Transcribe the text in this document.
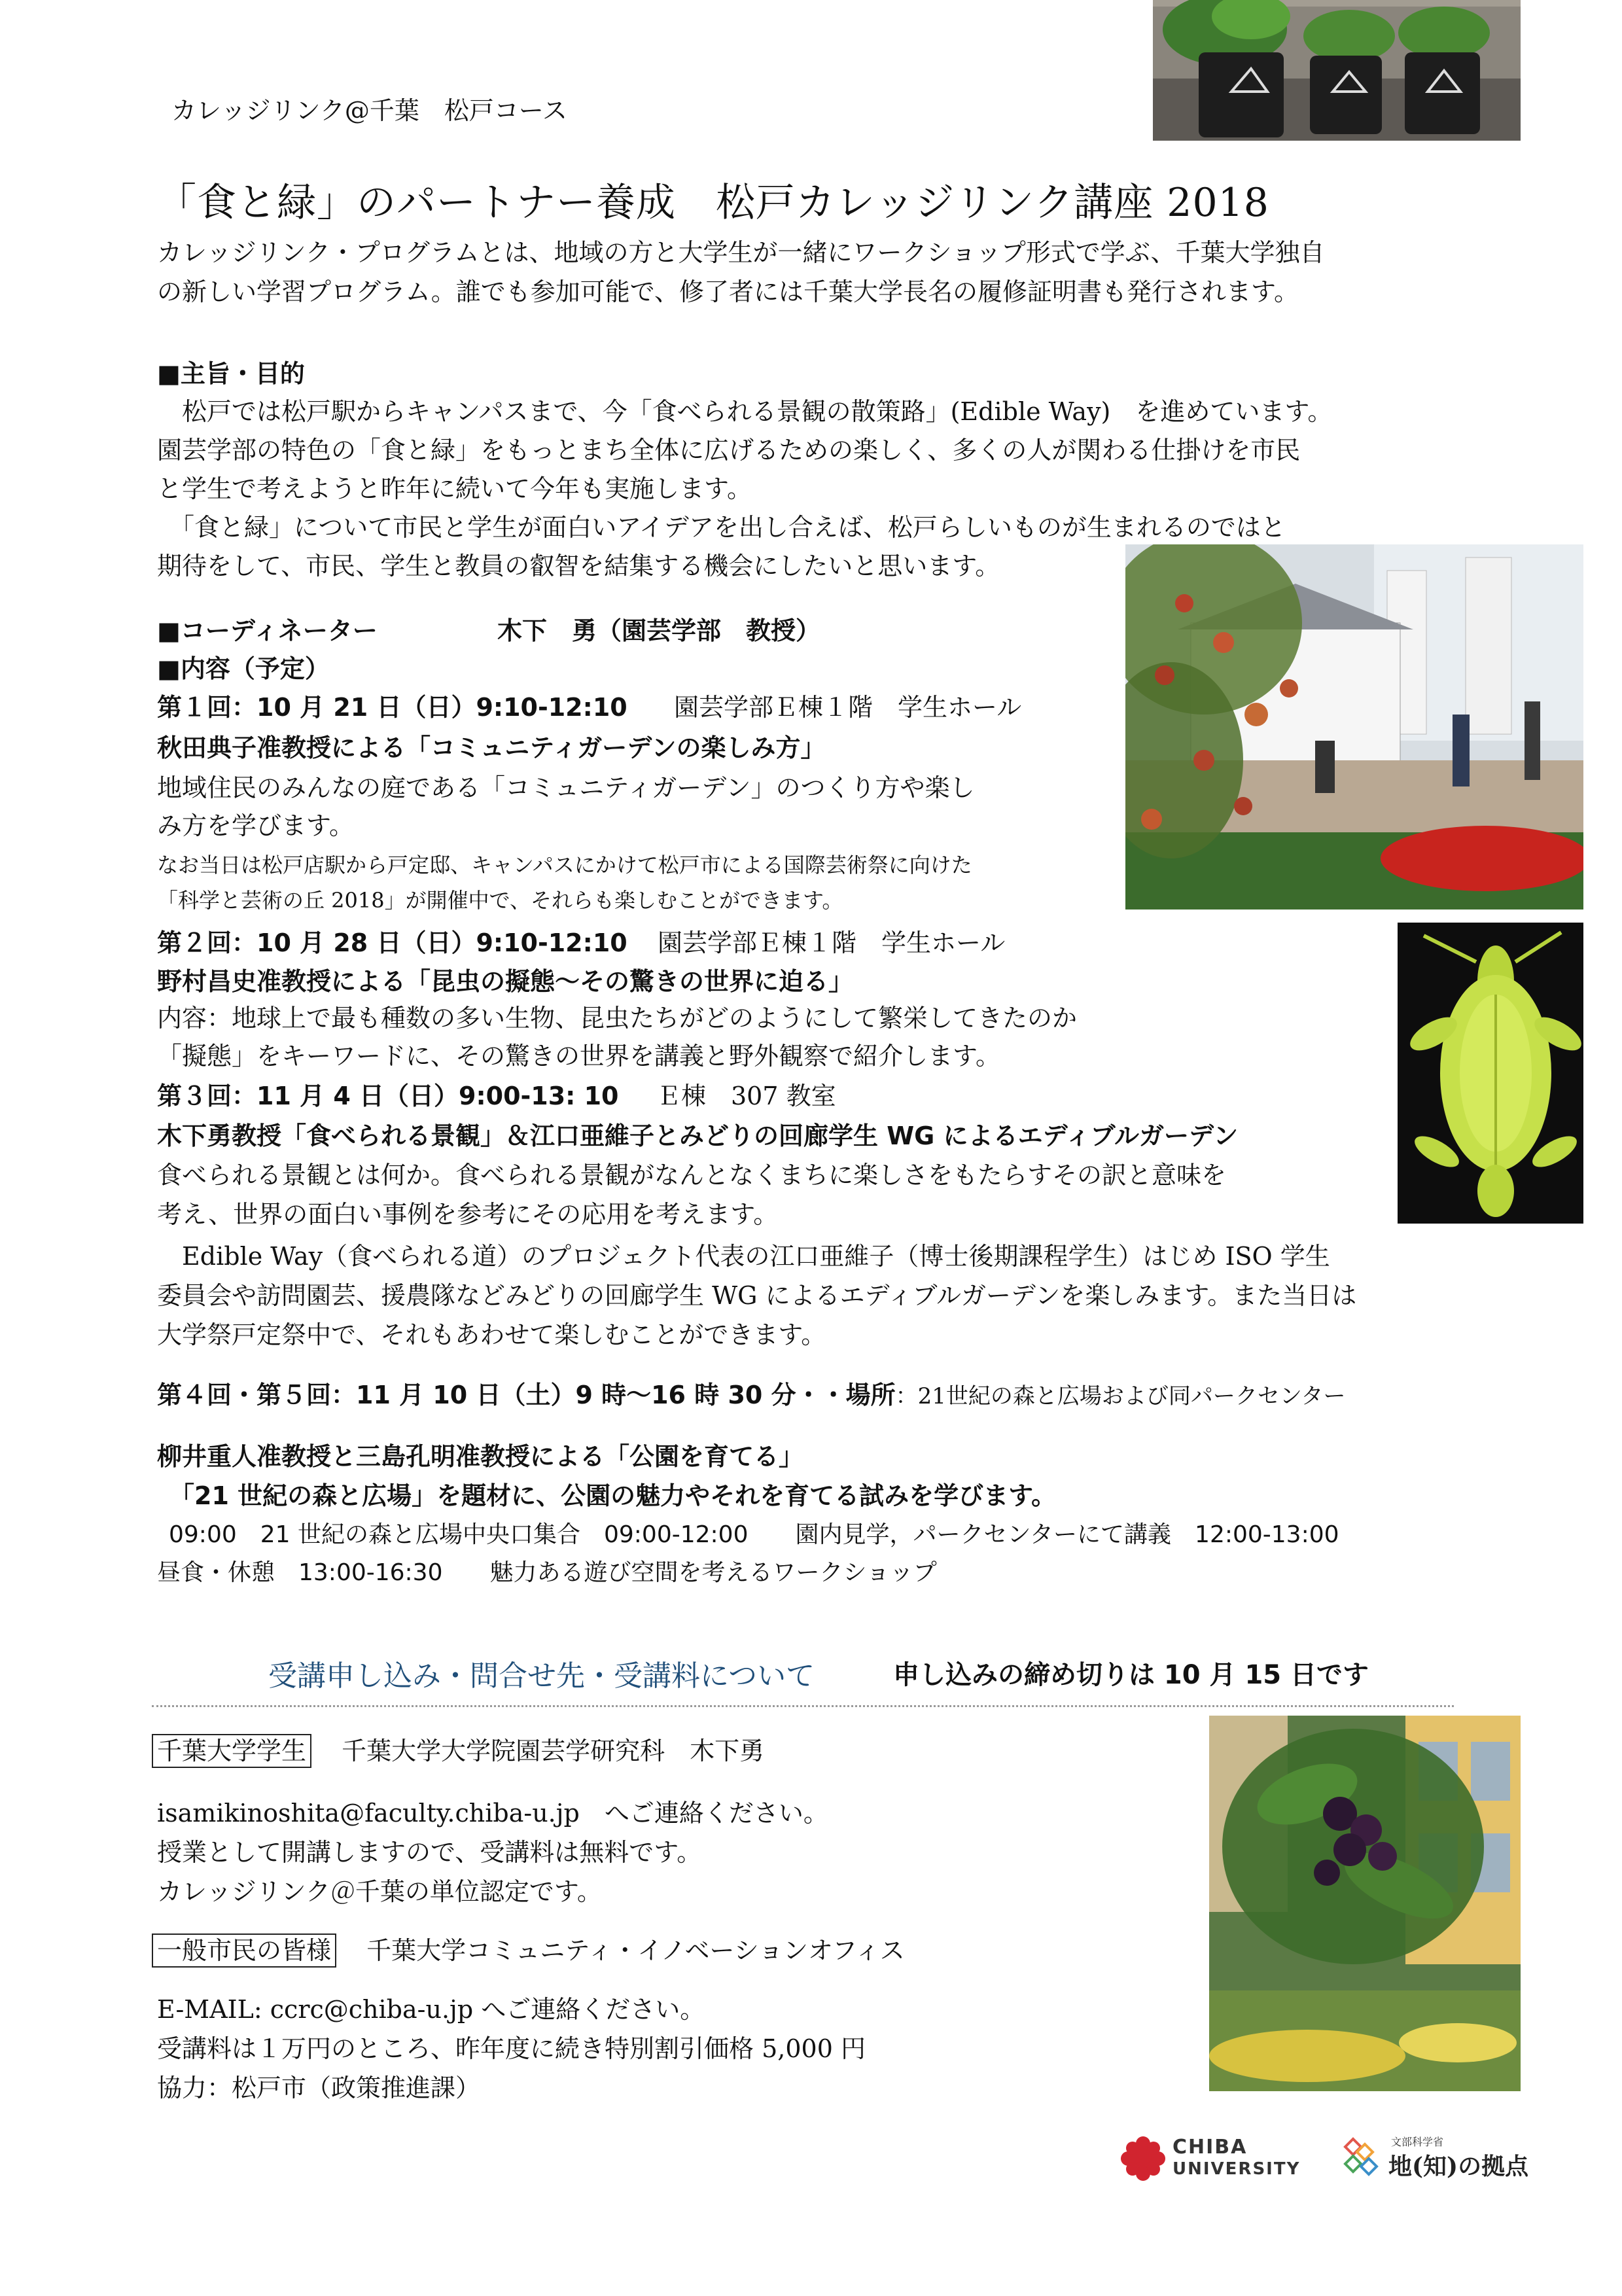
カレッジリンク@千葉　松戸コース
「食と緑」のパートナー養成　松戸カレッジリンク講座 2018
カレッジリンク・プログラムとは、地域の方と大学生が一緒にワークショップ形式で学ぶ、千葉大学独自
の新しい学習プログラム。誰でも参加可能で、修了者には千葉大学長名の履修証明書も発行されます。
■主旨・目的
　松戸では松戸駅からキャンパスまで、今「食べられる景観の散策路」(Edible Way)　を進めています。
園芸学部の特色の「食と緑」をもっとまち全体に広げるための楽しく、多くの人が関わる仕掛けを市民
と学生で考えようと昨年に続いて今年も実施します。
　「食と緑」について市民と学生が面白いアイデアを出し合えば、松戸らしいものが生まれるのではと
期待をして、市民、学生と教員の叡智を結集する機会にしたいと思います。
■コーディネーター	木下　勇（園芸学部　教授）
■内容（予定）
第１回：10 月 21 日（日）9:10-12:10 園芸学部Ｅ棟１階　学生ホール
秋田典子准教授による「コミュニティガーデンの楽しみ方」
地域住民のみんなの庭である「コミュニティガーデン」のつくり方や楽し
み方を学びます。
なお当日は松戸店駅から戸定邸、キャンパスにかけて松戸市による国際芸術祭に向けた
「科学と芸術の丘 2018」が開催中で、それらも楽しむことができます。
第２回：10 月 28 日（日）9:10-12:10 園芸学部Ｅ棟１階　学生ホール
野村昌史准教授による「昆虫の擬態～その驚きの世界に迫る」
内容：地球上で最も種数の多い生物、昆虫たちがどのようにして繁栄してきたのか
「擬態」をキーワードに、その驚きの世界を講義と野外観察で紹介します。
第３回：11 月 4 日（日）9:00-13: 10 Ｅ棟　307 教室
木下勇教授「食べられる景観」＆江口亜維子とみどりの回廊学生 WG によるエディブルガーデン
食べられる景観とは何か。食べられる景観がなんとなくまちに楽しさをもたらすその訳と意味を
考え、世界の面白い事例を参考にその応用を考えます。
　Edible Way（食べられる道）のプロジェクト代表の江口亜維子（博士後期課程学生）はじめ ISO 学生
委員会や訪問園芸、援農隊などみどりの回廊学生 WG によるエディブルガーデンを楽しみます。また当日は
大学祭戸定祭中で、それもあわせて楽しむことができます。
第４回・第５回：11 月 10 日（土）9 時～16 時 30 分・・場所：21世紀の森と広場および同パークセンター
柳井重人准教授と三島孔明准教授による「公園を育てる」
　「21 世紀の森と広場」を題材に、公園の魅力やそれを育てる試みを学びます。
09:00　21 世紀の森と広場中央口集合　09:00-12:00　　園内見学，パークセンターにて講義　12:00-13:00
昼食・休憩　13:00-16:30　　魅力ある遊び空間を考えるワークショップ
受講申し込み・問合せ先・受講料について	申し込みの締め切りは 10 月 15 日です
千葉大学学生 千葉大学大学院園芸学研究科　木下勇
isamikinoshita@faculty.chiba-u.jp　へご連絡ください。
授業として開講しますので、受講料は無料です。
カレッジリンク＠千葉の単位認定です。
一般市民の皆様 千葉大学コミュニティ・イノベーションオフィス
E-MAIL: ccrc@chiba-u.jp へご連絡ください。
受講料は１万円のところ、昨年度に続き特別割引価格 5,000 円
協力：松戸市（政策推進課）
CHIBA
UNIVERSITY
文部科学省
地(知)の拠点
